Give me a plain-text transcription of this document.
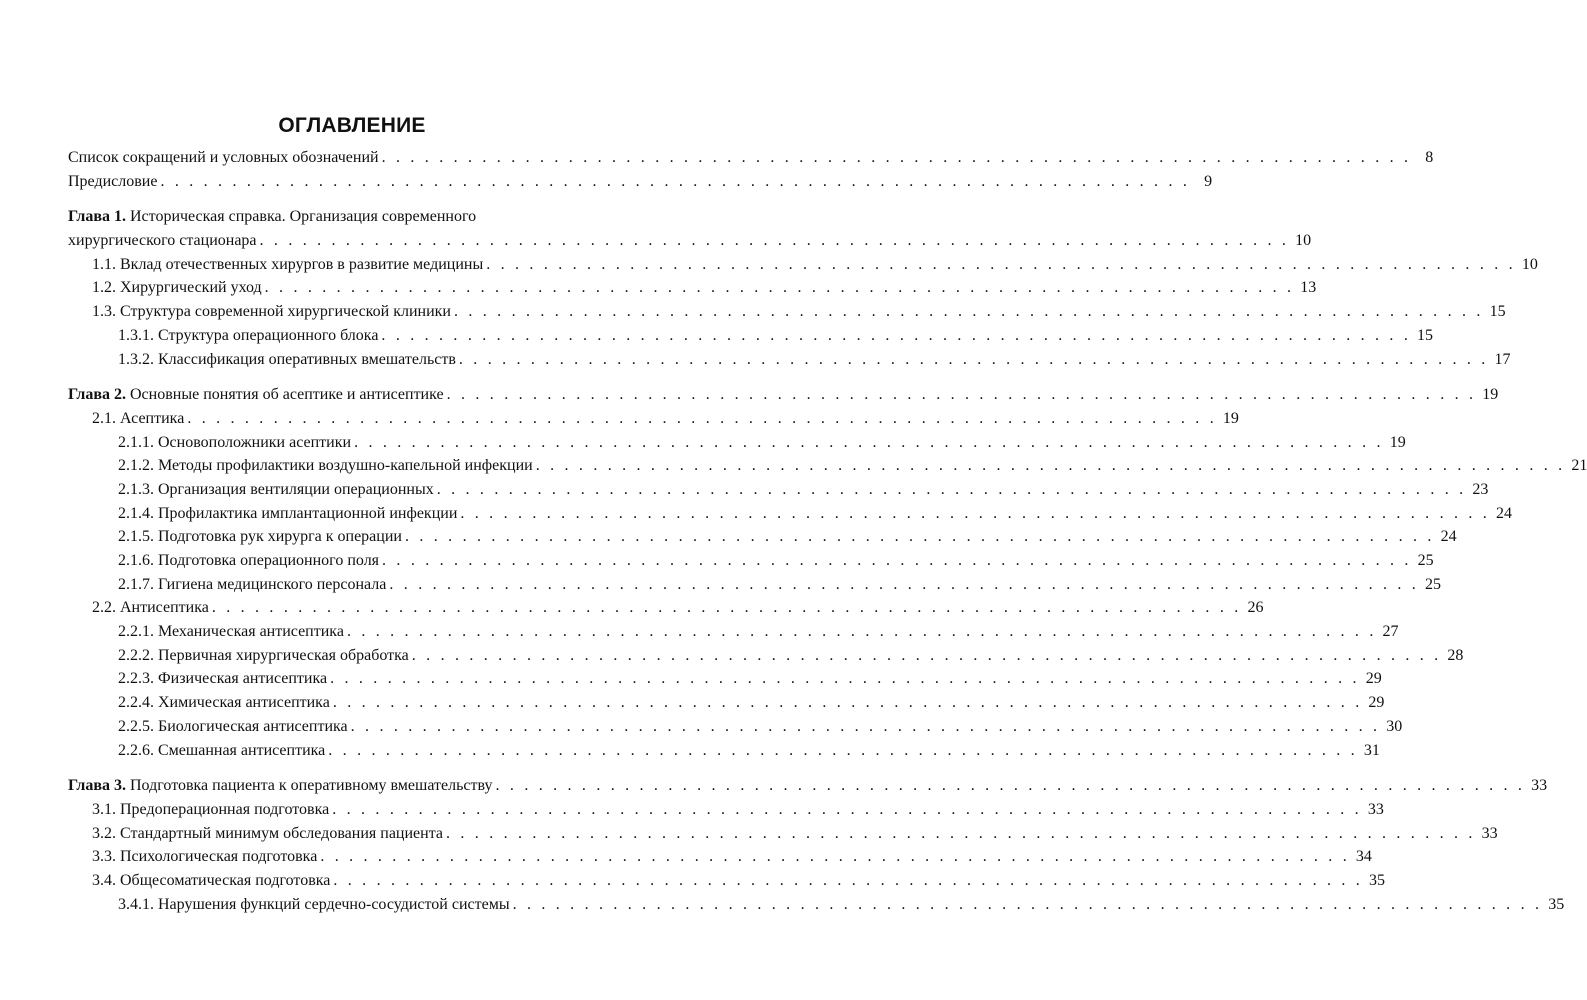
ОГЛАВЛЕНИЕ
Список сокращений и условных обозначений . . . . . . . . . . . . . . . . . . . . . . . . . . . . . . . . . . . . . . . . . . . . . . . . . . . . . . . . . . . . . . . . . . . . . . . . 8
Предисловие . . . . . . . . . . . . . . . . . . . . . . . . . . . . . . . . . . . . . . . . . . . . . . . . . . . . . . . . . . . . . . . . . . . . . . . . 9
Глава 1. Историческая справка. Организация современного
хирургического стационара . . . . . . . . . . . . . . . . . . . . . . . . . . . . . . . . . . . . . . . . . . . . . . . . . . . . . . . . . . . . . . . . . . . . . . . . 10
1.1. Вклад отечественных хирургов в развитие медицины . . . . . . . . . . . . . . . . . . . . . . . . . . . . . . . . . . . . . . . . . . . . . . . . . . . . . . . . . . . . . . . . . . . . . . . . 10
1.2. Хирургический уход . . . . . . . . . . . . . . . . . . . . . . . . . . . . . . . . . . . . . . . . . . . . . . . . . . . . . . . . . . . . . . . . . . . . . . . . 13
1.3. Структура современной хирургической клиники . . . . . . . . . . . . . . . . . . . . . . . . . . . . . . . . . . . . . . . . . . . . . . . . . . . . . . . . . . . . . . . . . . . . . . . . 15
1.3.1. Структура операционного блока . . . . . . . . . . . . . . . . . . . . . . . . . . . . . . . . . . . . . . . . . . . . . . . . . . . . . . . . . . . . . . . . . . . . . . . . 15
1.3.2. Классификация оперативных вмешательств . . . . . . . . . . . . . . . . . . . . . . . . . . . . . . . . . . . . . . . . . . . . . . . . . . . . . . . . . . . . . . . . . . . . . . . . 17
Глава 2. Основные понятия об асептике и антисептике . . . . . . . . . . . . . . . . . . . . . . . . . . . . . . . . . . . . . . . . . . . . . . . . . . . . . . . . . . . . . . . . . . . . . . . . 19
2.1. Асептика . . . . . . . . . . . . . . . . . . . . . . . . . . . . . . . . . . . . . . . . . . . . . . . . . . . . . . . . . . . . . . . . . . . . . . . . 19
2.1.1. Основоположники асептики . . . . . . . . . . . . . . . . . . . . . . . . . . . . . . . . . . . . . . . . . . . . . . . . . . . . . . . . . . . . . . . . . . . . . . . . 19
2.1.2. Методы профилактики воздушно-капельной инфекции . . . . . . . . . . . . . . . . . . . . . . . . . . . . . . . . . . . . . . . . . . . . . . . . . . . . . . . . . . . . . . . . . . . . . . . . 21
2.1.3. Организация вентиляции операционных . . . . . . . . . . . . . . . . . . . . . . . . . . . . . . . . . . . . . . . . . . . . . . . . . . . . . . . . . . . . . . . . . . . . . . . . 23
2.1.4. Профилактика имплантационной инфекции . . . . . . . . . . . . . . . . . . . . . . . . . . . . . . . . . . . . . . . . . . . . . . . . . . . . . . . . . . . . . . . . . . . . . . . . 24
2.1.5. Подготовка рук хирурга к операции . . . . . . . . . . . . . . . . . . . . . . . . . . . . . . . . . . . . . . . . . . . . . . . . . . . . . . . . . . . . . . . . . . . . . . . . 24
2.1.6. Подготовка операционного поля . . . . . . . . . . . . . . . . . . . . . . . . . . . . . . . . . . . . . . . . . . . . . . . . . . . . . . . . . . . . . . . . . . . . . . . . 25
2.1.7. Гигиена медицинского персонала . . . . . . . . . . . . . . . . . . . . . . . . . . . . . . . . . . . . . . . . . . . . . . . . . . . . . . . . . . . . . . . . . . . . . . . . 25
2.2. Антисептика . . . . . . . . . . . . . . . . . . . . . . . . . . . . . . . . . . . . . . . . . . . . . . . . . . . . . . . . . . . . . . . . . . . . . . . . 26
2.2.1. Механическая антисептика . . . . . . . . . . . . . . . . . . . . . . . . . . . . . . . . . . . . . . . . . . . . . . . . . . . . . . . . . . . . . . . . . . . . . . . . 27
2.2.2. Первичная хирургическая обработка . . . . . . . . . . . . . . . . . . . . . . . . . . . . . . . . . . . . . . . . . . . . . . . . . . . . . . . . . . . . . . . . . . . . . . . . 28
2.2.3. Физическая антисептика . . . . . . . . . . . . . . . . . . . . . . . . . . . . . . . . . . . . . . . . . . . . . . . . . . . . . . . . . . . . . . . . . . . . . . . . 29
2.2.4. Химическая антисептика . . . . . . . . . . . . . . . . . . . . . . . . . . . . . . . . . . . . . . . . . . . . . . . . . . . . . . . . . . . . . . . . . . . . . . . . 29
2.2.5. Биологическая антисептика . . . . . . . . . . . . . . . . . . . . . . . . . . . . . . . . . . . . . . . . . . . . . . . . . . . . . . . . . . . . . . . . . . . . . . . . 30
2.2.6. Смешанная антисептика . . . . . . . . . . . . . . . . . . . . . . . . . . . . . . . . . . . . . . . . . . . . . . . . . . . . . . . . . . . . . . . . . . . . . . . . 31
Глава 3. Подготовка пациента к оперативному вмешательству . . . . . . . . . . . . . . . . . . . . . . . . . . . . . . . . . . . . . . . . . . . . . . . . . . . . . . . . . . . . . . . . . . . . . . . . 33
3.1. Предоперационная подготовка . . . . . . . . . . . . . . . . . . . . . . . . . . . . . . . . . . . . . . . . . . . . . . . . . . . . . . . . . . . . . . . . . . . . . . . . 33
3.2. Стандартный минимум обследования пациента . . . . . . . . . . . . . . . . . . . . . . . . . . . . . . . . . . . . . . . . . . . . . . . . . . . . . . . . . . . . . . . . . . . . . . . . 33
3.3. Психологическая подготовка . . . . . . . . . . . . . . . . . . . . . . . . . . . . . . . . . . . . . . . . . . . . . . . . . . . . . . . . . . . . . . . . . . . . . . . . 34
3.4. Общесоматическая подготовка . . . . . . . . . . . . . . . . . . . . . . . . . . . . . . . . . . . . . . . . . . . . . . . . . . . . . . . . . . . . . . . . . . . . . . . . 35
3.4.1. Нарушения функций сердечно-сосудистой системы . . . . . . . . . . . . . . . . . . . . . . . . . . . . . . . . . . . . . . . . . . . . . . . . . . . . . . . . . . . . . . . . . . . . . . . . 35
